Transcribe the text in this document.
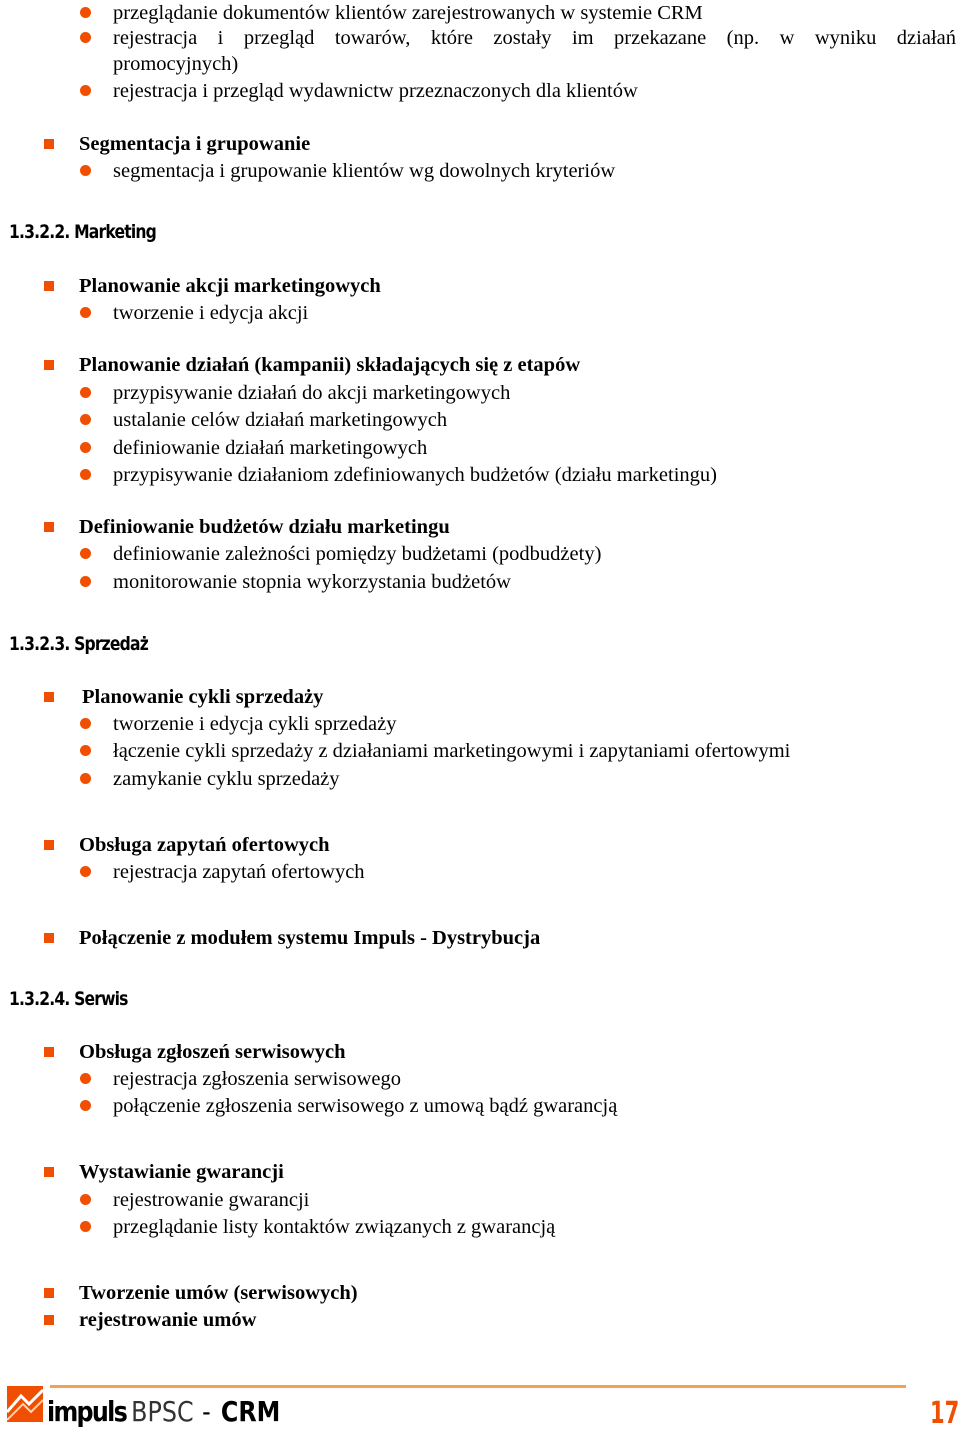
przeglądanie dokumentów klientów zarejestrowanych w systemie CRM
rejestracja i przegląd towarów, które zostały im przekazane (np. w wyniku działań
promocyjnych)
rejestracja i przegląd wydawnictw przeznaczonych dla klientów
Segmentacja i grupowanie
segmentacja i grupowanie klientów wg dowolnych kryteriów
1.3.2.2. Marketing
Planowanie akcji marketingowych
tworzenie i edycja akcji
Planowanie działań (kampanii) składających się z etapów
przypisywanie działań do akcji marketingowych
ustalanie celów działań marketingowych
definiowanie działań marketingowych
przypisywanie działaniom zdefiniowanych budżetów (działu marketingu)
Definiowanie budżetów działu marketingu
definiowanie zależności pomiędzy budżetami (podbudżety)
monitorowanie stopnia wykorzystania budżetów
1.3.2.3. Sprzedaż
Planowanie cykli sprzedaży
tworzenie i edycja cykli sprzedaży
łączenie cykli sprzedaży z działaniami marketingowymi i zapytaniami ofertowymi
zamykanie cyklu sprzedaży
Obsługa zapytań ofertowych
rejestracja zapytań ofertowych
Połączenie z modułem systemu Impuls - Dystrybucja
1.3.2.4. Serwis
Obsługa zgłoszeń serwisowych
rejestracja zgłoszenia serwisowego
połączenie zgłoszenia serwisowego z umową bądź gwarancją
Wystawianie gwarancji
rejestrowanie gwarancji
przeglądanie listy kontaktów związanych z gwarancją
Tworzenie umów (serwisowych)
rejestrowanie umów
impuls BPSC - CRM	17
